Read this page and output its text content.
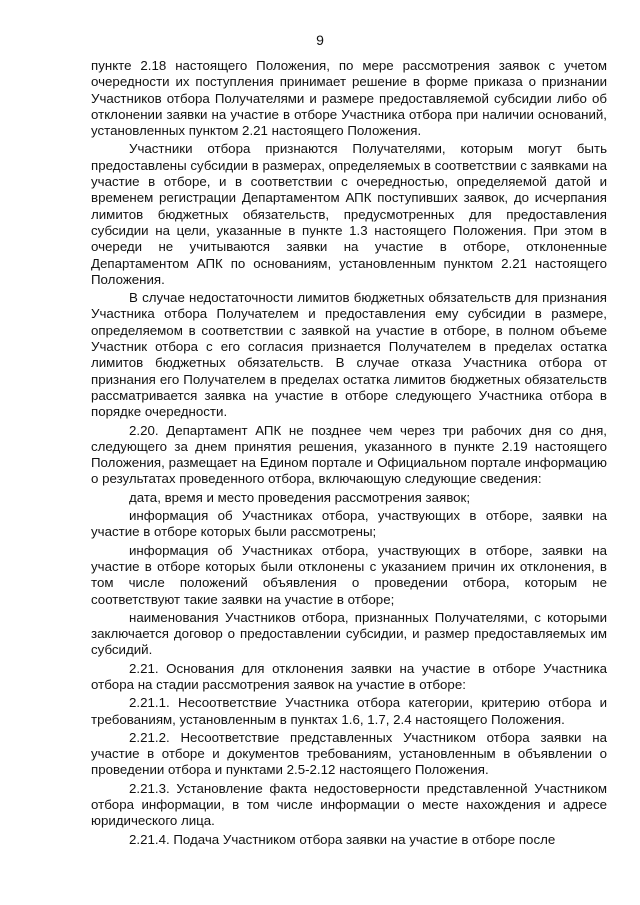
9

пункте 2.18 настоящего Положения, по мере рассмотрения заявок с учетом очередности их поступления принимает решение в форме приказа о признании Участников отбора Получателями и размере предоставляемой субсидии либо об отклонении заявки на участие в отборе Участника отбора при наличии оснований, установленных пунктом 2.21 настоящего Положения.

Участники отбора признаются Получателями, которым могут быть предоставлены субсидии в размерах, определяемых в соответствии с заявками на участие в отборе, и в соответствии с очередностью, определяемой датой и временем регистрации Департаментом АПК поступивших заявок, до исчерпания лимитов бюджетных обязательств, предусмотренных для предоставления субсидии на цели, указанные в пункте 1.3 настоящего Положения. При этом в очереди не учитываются заявки на участие в отборе, отклоненные Департаментом АПК по основаниям, установленным пунктом 2.21 настоящего Положения.

В случае недостаточности лимитов бюджетных обязательств для признания Участника отбора Получателем и предоставления ему субсидии в размере, определяемом в соответствии с заявкой на участие в отборе, в полном объеме Участник отбора с его согласия признается Получателем в пределах остатка лимитов бюджетных обязательств. В случае отказа Участника отбора от признания его Получателем в пределах остатка лимитов бюджетных обязательств рассматривается заявка на участие в отборе следующего Участника отбора в порядке очередности.

2.20. Департамент АПК не позднее чем через три рабочих дня со дня, следующего за днем принятия решения, указанного в пункте 2.19 настоящего Положения, размещает на Едином портале и Официальном портале информацию о результатах проведенного отбора, включающую следующие сведения:

дата, время и место проведения рассмотрения заявок;

информация об Участниках отбора, участвующих в отборе, заявки на участие в отборе которых были рассмотрены;

информация об Участниках отбора, участвующих в отборе, заявки на участие в отборе которых были отклонены с указанием причин их отклонения, в том числе положений объявления о проведении отбора, которым не соответствуют такие заявки на участие в отборе;

наименования Участников отбора, признанных Получателями, с которыми заключается договор о предоставлении субсидии, и размер предоставляемых им субсидий.

2.21. Основания для отклонения заявки на участие в отборе Участника отбора на стадии рассмотрения заявок на участие в отборе:

2.21.1. Несоответствие Участника отбора категории, критерию отбора и требованиям, установленным в пунктах 1.6, 1.7, 2.4 настоящего Положения.

2.21.2. Несоответствие представленных Участником отбора заявки на участие в отборе и документов требованиям, установленным в объявлении о проведении отбора и пунктами 2.5-2.12 настоящего Положения.

2.21.3. Установление факта недостоверности представленной Участником отбора информации, в том числе информации о месте нахождения и адресе юридического лица.

2.21.4. Подача Участником отбора заявки на участие в отборе после
